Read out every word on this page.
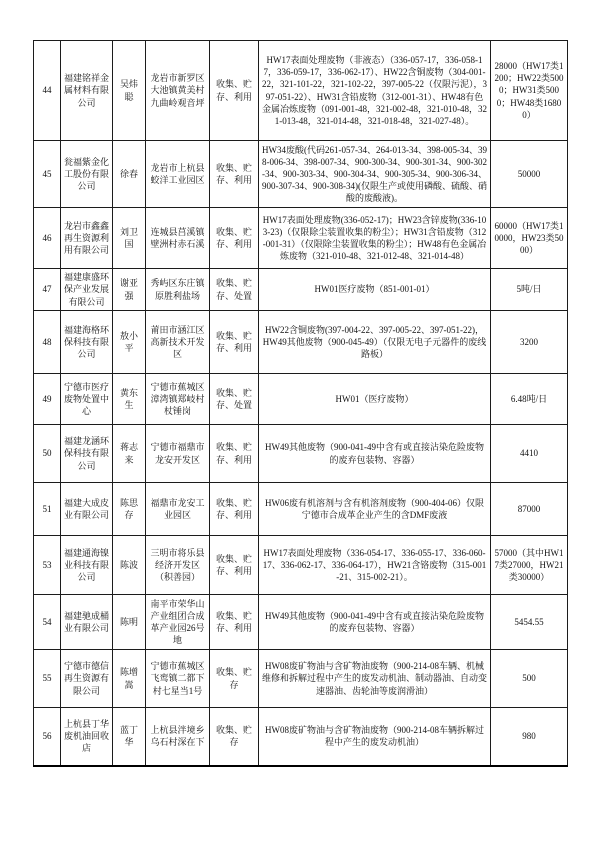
44	福建铭祥金属材料有限公司	吴炜聪	龙岩市新罗区大池镇黄美村九曲岭观音坪	收集、贮存、利用	HW17表面处理废物（非液态）（336-057-17，336-058-17，336-059-17，336-062-17）、HW22含铜废物（304-001-22，321-101-22，321-102-22，397-005-22（仅限污泥），397-051-22）、HW31含铅废物（312-001-31）、HW48有色金属冶炼废物（091-001-48，321-002-48，321-010-48，321-013-48，321-014-48，321-018-48，321-027-48）。	28000（HW17类1200；HW22类5000；HW31类5000；HW48类16800）
45	瓮福紫金化工股份有限公司	徐春	龙岩市上杭县蛟洋工业园区	收集、贮存、利用	HW34废酸(代码261-057-34、264-013-34、398-005-34、398-006-34、398-007-34、900-300-34、900-301-34、900-302-34、900-303-34、900-304-34、900-305-34、900-306-34、900-307-34、900-308-34)(仅限生产或使用磷酸、硫酸、硝酸的废酸液)。	50000
46	龙岩市鑫鑫再生资源利用有限公司	刘卫国	连城县莒溪镇壁洲村赤石溪	收集、贮存、利用	HW17表面处理废物(336-052-17)；HW23含锌废物(336-103-23)（仅限除尘装置收集的粉尘）；HW31含铅废物（312-001-31）（仅限除尘装置收集的粉尘）；HW48有色金属冶炼废物（321-010-48、321-012-48、321-014-48）	60000（HW17类10000，HW23类5000）
47	福建康盛环保产业发展有限公司	谢亚强	秀屿区东庄镇原胜利盐场	收集、贮存、处置	HW01医疗废物（851-001-01）	5吨/日
48	福建海格环保科技有限公司	敖小平	莆田市涵江区高新技术开发区	收集、贮存、利用	HW22含铜废物(397-004-22、397-005-22、397-051-22)，HW49其他废物（900-045-49）（仅限无电子元器件的废线路板）	3200
49	宁德市医疗废物处置中心	黄东生	宁德市蕉城区漳湾镇郑岐村杖锤岗	收集、贮存、处置	HW01（医疗废物）	6.48吨/日
50	福建龙涵环保科技有限公司	蒋志来	宁德市福鼎市龙安开发区	收集、贮存、利用	HW49其他废物（900-041-49中含有或直接沾染危险废物的废弃包装物、容器）	4410
51	福建大成皮业有限公司	陈思存	福鼎市龙安工业园区	收集、贮存、利用	HW06废有机溶剂与含有机溶剂废物（900-404-06）仅限宁德市合成革企业产生的含DMF废液	87000
53	福建通海镍业科技有限公司	陈波	三明市将乐县经济开发区（积善园）	收集、贮存、利用	HW17表面处理废物（336-054-17、336-055-17、336-060-17、336-062-17、336-064-17），HW21含铬废物（315-001-21、315-002-21）。	57000（其中HW17类27000，HW21类30000）
54	福建驰成桶业有限公司	陈明	南平市荣华山产业组团合成革产业园26号地	收集、贮存、利用	HW49其他废物（900-041-49中含有或直接沾染危险废物的废弃包装物、容器）	5454.55
55	宁德市德信再生资源有限公司	陈增嵩	宁德市蕉城区飞鸾镇二都下村七星当1号	收集、贮存	HW08废矿物油与含矿物油废物（900-214-08车辆、机械维修和拆解过程中产生的废发动机油、制动器油、自动变速器油、齿轮油等废润滑油）	500
56	上杭县丁华废机油回收店	蓝丁华	上杭县泮境乡乌石村深在下	收集、贮存	HW08废矿物油与含矿物油废物（900-214-08车辆拆解过程中产生的废发动机油）	980
